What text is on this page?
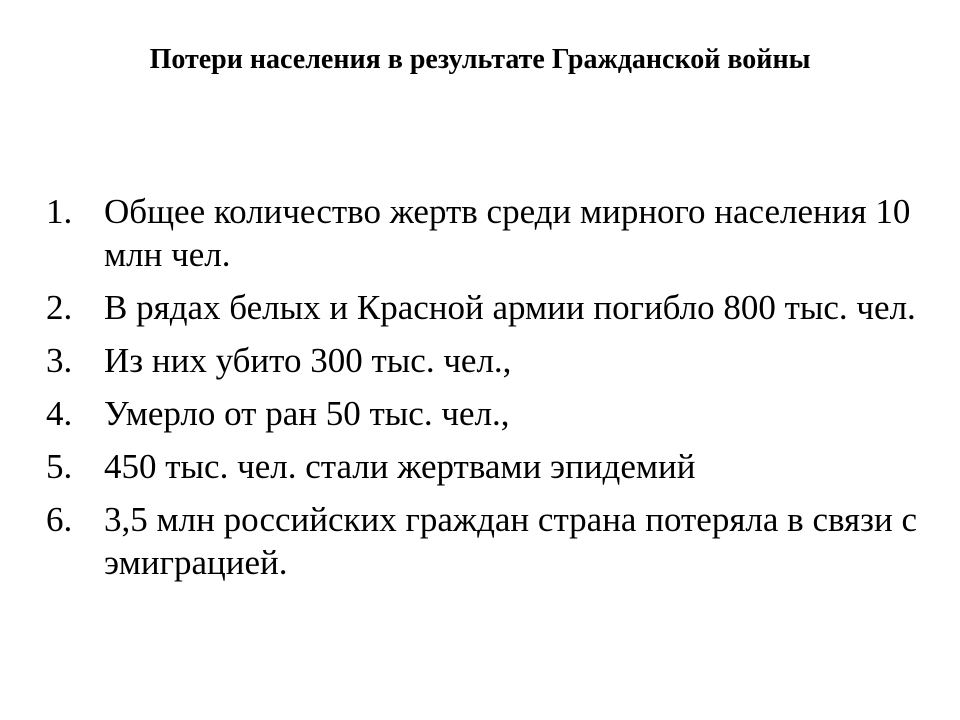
Потери населения в результате Гражданской войны
1. Общее количество жертв среди мирного населения 10 млн чел.
2. В рядах белых и Красной армии погибло 800 тыс. чел.
3. Из них убито 300 тыс. чел.,
4. Умерло от ран 50 тыс. чел.,
5. 450 тыс. чел. стали жертвами эпидемий
6. 3,5 млн российских граждан страна потеряла в связи с эмиграцией.
